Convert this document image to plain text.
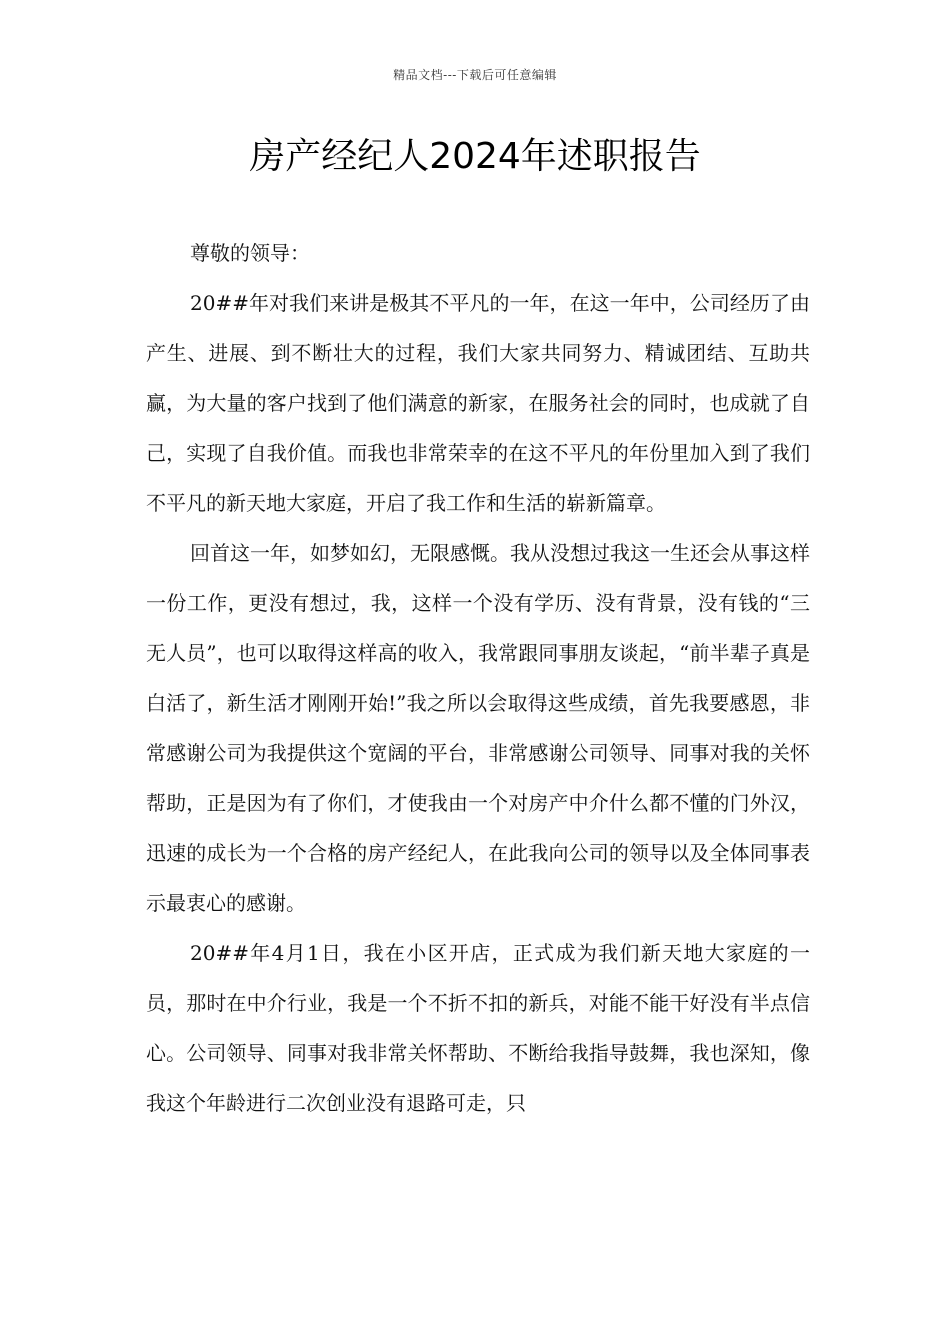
精品文档---下载后可任意编辑
房产经纪人2024年述职报告

尊敬的领导：

20##年对我们来讲是极其不平凡的一年，在这一年中，公司经历了由产生、进展、到不断壮大的过程，我们大家共同努力、精诚团结、互助共赢，为大量的客户找到了他们满意的新家，在服务社会的同时，也成就了自己，实现了自我价值。而我也非常荣幸的在这不平凡的年份里加入到了我们不平凡的新天地大家庭，开启了我工作和生活的崭新篇章。

回首这一年，如梦如幻，无限感慨。我从没想过我这一生还会从事这样一份工作，更没有想过，我，这样一个没有学历、没有背景，没有钱的“三无人员”，也可以取得这样高的收入，我常跟同事朋友谈起，“前半辈子真是白活了，新生活才刚刚开始!”我之所以会取得这些成绩，首先我要感恩，非常感谢公司为我提供这个宽阔的平台，非常感谢公司领导、同事对我的关怀帮助，正是因为有了你们，才使我由一个对房产中介什么都不懂的门外汉，迅速的成长为一个合格的房产经纪人，在此我向公司的领导以及全体同事表示最衷心的感谢。

20##年4月1日，我在小区开店，正式成为我们新天地大家庭的一员，那时在中介行业，我是一个不折不扣的新兵，对能不能干好没有半点信心。公司领导、同事对我非常关怀帮助、不断给我指导鼓舞，我也深知，像我这个年龄进行二次创业没有退路可走，只
